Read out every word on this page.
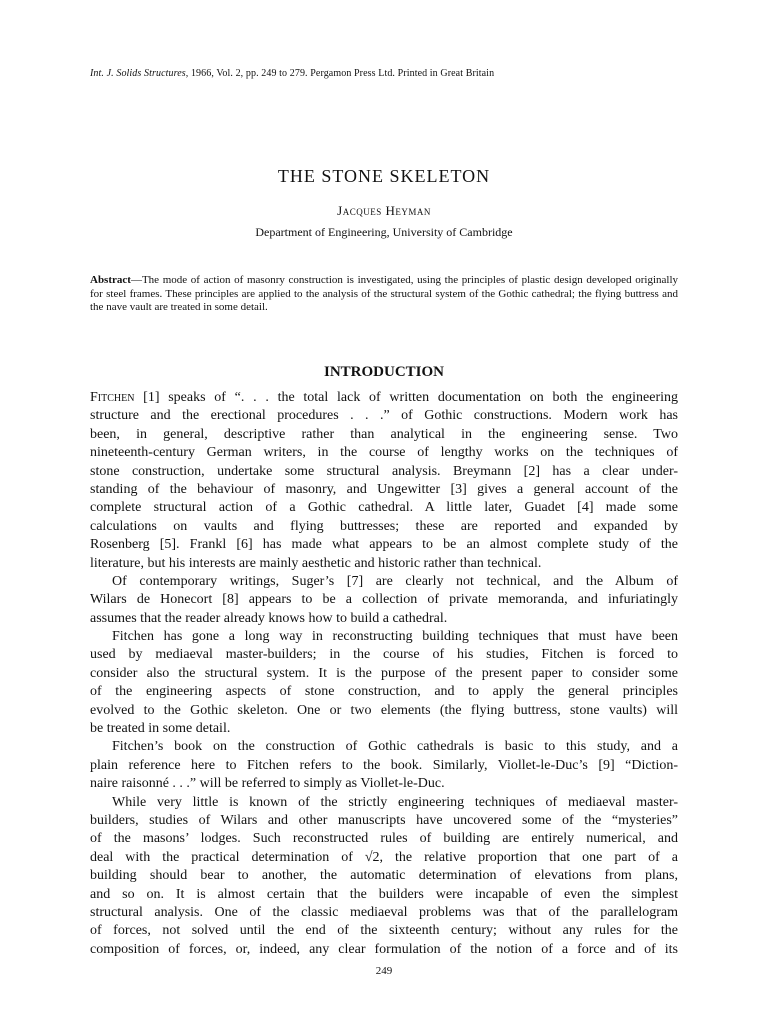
Int. J. Solids Structures, 1966, Vol. 2, pp. 249 to 279. Pergamon Press Ltd. Printed in Great Britain
THE STONE SKELETON
Jacques Heyman
Department of Engineering, University of Cambridge
Abstract—The mode of action of masonry construction is investigated, using the principles of plastic design developed originally for steel frames. These principles are applied to the analysis of the structural system of the Gothic cathedral; the flying buttress and the nave vault are treated in some detail.
INTRODUCTION
Fitchen [1] speaks of “. . . the total lack of written documentation on both the engineering
structure and the erectional procedures . . .” of Gothic constructions. Modern work has
been, in general, descriptive rather than analytical in the engineering sense. Two
nineteenth-century German writers, in the course of lengthy works on the techniques of
stone construction, undertake some structural analysis. Breymann [2] has a clear under-
standing of the behaviour of masonry, and Ungewitter [3] gives a general account of the
complete structural action of a Gothic cathedral. A little later, Guadet [4] made some
calculations on vaults and flying buttresses; these are reported and expanded by
Rosenberg [5]. Frankl [6] has made what appears to be an almost complete study of the
literature, but his interests are mainly aesthetic and historic rather than technical.
Of contemporary writings, Suger’s [7] are clearly not technical, and the Album of
Wilars de Honecort [8] appears to be a collection of private memoranda, and infuriatingly
assumes that the reader already knows how to build a cathedral.
Fitchen has gone a long way in reconstructing building techniques that must have been
used by mediaeval master-builders; in the course of his studies, Fitchen is forced to
consider also the structural system. It is the purpose of the present paper to consider some
of the engineering aspects of stone construction, and to apply the general principles
evolved to the Gothic skeleton. One or two elements (the flying buttress, stone vaults) will
be treated in some detail.
Fitchen’s book on the construction of Gothic cathedrals is basic to this study, and a
plain reference here to Fitchen refers to the book. Similarly, Viollet-le-Duc’s [9] “Diction-
naire raisonné . . .” will be referred to simply as Viollet-le-Duc.
While very little is known of the strictly engineering techniques of mediaeval master-
builders, studies of Wilars and other manuscripts have uncovered some of the “mysteries”
of the masons’ lodges. Such reconstructed rules of building are entirely numerical, and
deal with the practical determination of √2, the relative proportion that one part of a
building should bear to another, the automatic determination of elevations from plans,
and so on. It is almost certain that the builders were incapable of even the simplest
structural analysis. One of the classic mediaeval problems was that of the parallelogram
of forces, not solved until the end of the sixteenth century; without any rules for the
composition of forces, or, indeed, any clear formulation of the notion of a force and of its
249
